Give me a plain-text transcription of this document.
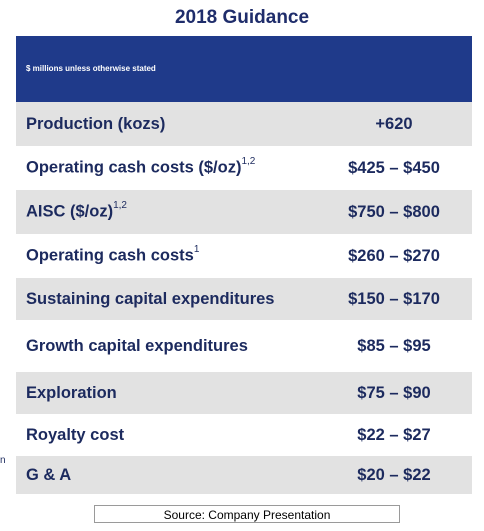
2018 Guidance
$ millions unless otherwise stated
Production (kozs)	+620
Operating cash costs ($/oz)$^{1,2}$	$425 – $450
AISC ($/oz)$^{1,2}$	$750 – $800
Operating cash costs$^1$	$260 – $270
Sustaining capital expenditures	$150 – $170
Growth capital expenditures	$85 – $95
Exploration	$75 – $90
Royalty cost	$22 – $27
G & A	$20 – $22
n
Source: Company Presentation
